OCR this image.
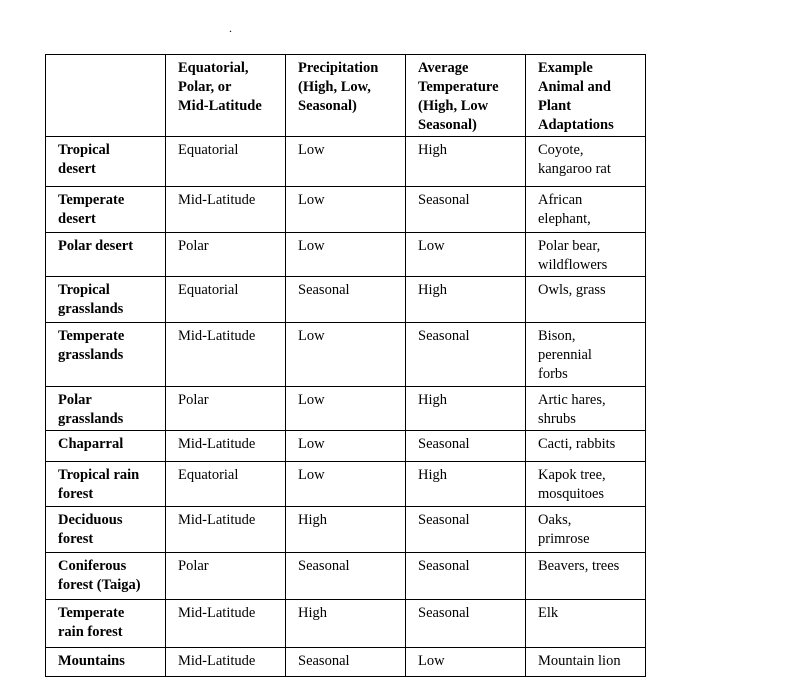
.

	Equatorial,
Polar, or
Mid-Latitude	Precipitation
(High, Low,
Seasonal)	Average
Temperature
(High, Low
Seasonal)	Example
Animal and
Plant
Adaptations

Tropical
desert	Equatorial	Low	High	Coyote,
kangaroo rat

Temperate
desert	Mid-Latitude	Low	Seasonal	African
elephant,

Polar desert	Polar	Low	Low	Polar bear,
wildflowers

Tropical
grasslands	Equatorial	Seasonal	High	Owls, grass

Temperate
grasslands	Mid-Latitude	Low	Seasonal	Bison,
perennial
forbs

Polar
grasslands	Polar	Low	High	Artic hares,
shrubs

Chaparral	Mid-Latitude	Low	Seasonal	Cacti, rabbits

Tropical rain
forest	Equatorial	Low	High	Kapok tree,
mosquitoes

Deciduous
forest	Mid-Latitude	High	Seasonal	Oaks,
primrose

Coniferous
forest (Taiga)	Polar	Seasonal	Seasonal	Beavers, trees

Temperate
rain forest	Mid-Latitude	High	Seasonal	Elk

Mountains	Mid-Latitude	Seasonal	Low	Mountain lion
